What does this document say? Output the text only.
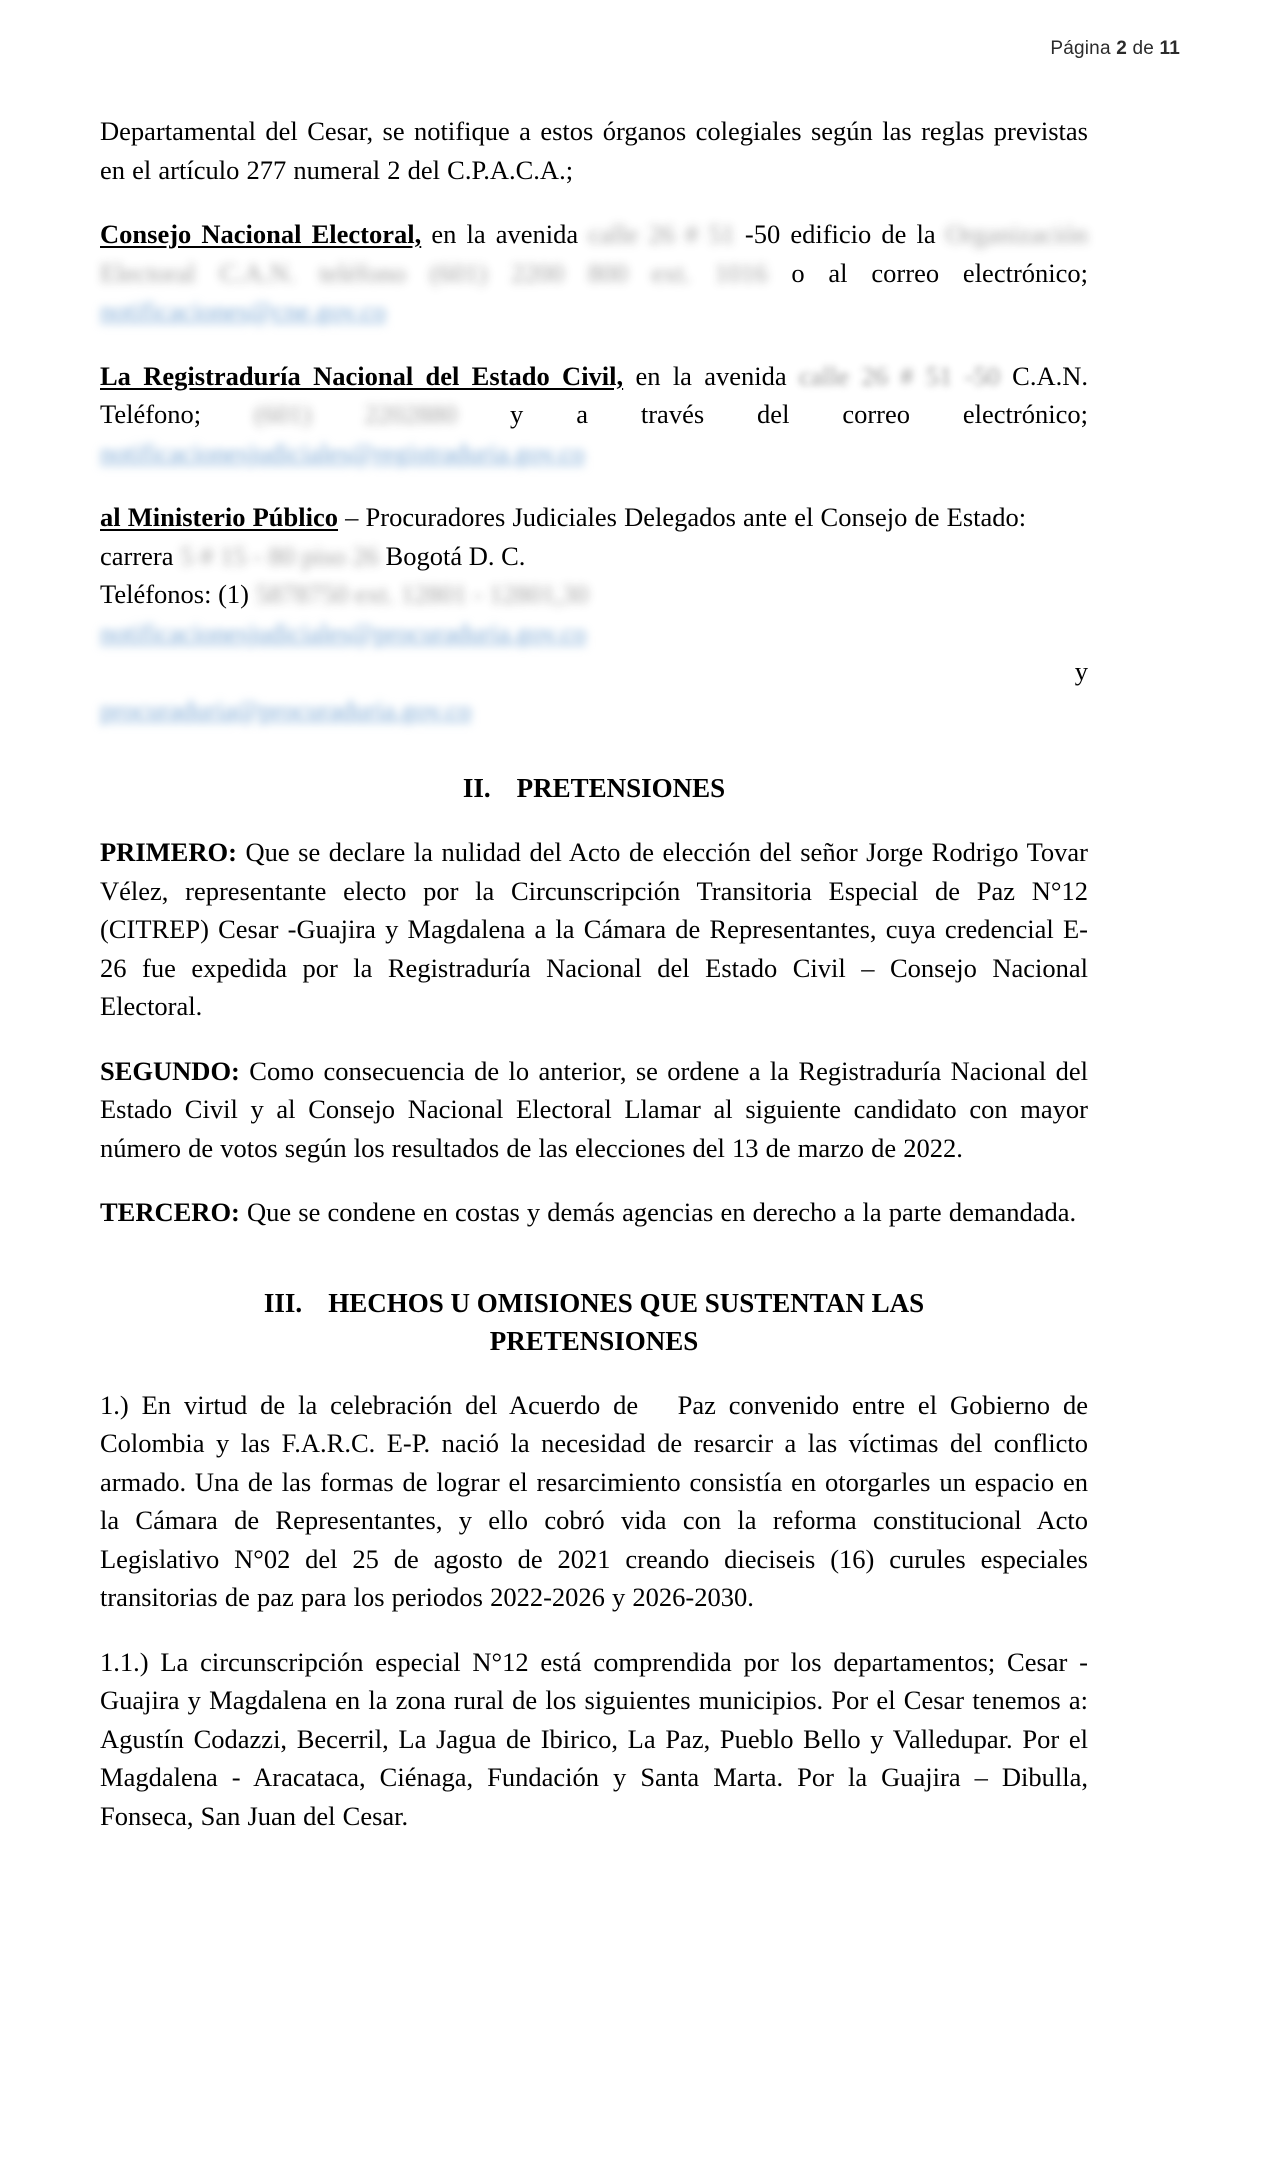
Página 2 de 11

Departamental del Cesar, se notifique a estos órganos colegiales según las reglas previstas en el artículo 277 numeral 2 del C.P.A.C.A.;

Consejo Nacional Electoral, en la avenida calle 26 # 51 -50 edificio de la Organización Electoral C.A.N. teléfono (601) 2200 800 ext. 1016 o al correo electrónico; notificaciones@cne.gov.co

La Registraduría Nacional del Estado Civil, en la avenida calle 26 # 51 -50 C.A.N. Teléfono; (601) 2202880 y a través del correo electrónico; notificacionesjudiciales@registraduria.gov.co

al Ministerio Público – Procuradores Judiciales Delegados ante el Consejo de Estado:

carrera 5 # 15 - 80 piso 26 Bogotá D. C.

Teléfonos: (1) 5878750 ext. 12801 - 12801,30

notificacionesjudiciales@procuraduria.gov.co

y

procuraduria@procuraduria.gov.co

II. PRETENSIONES

PRIMERO: Que se declare la nulidad del Acto de elección del señor Jorge Rodrigo Tovar Vélez, representante electo por la Circunscripción Transitoria Especial de Paz N°12 (CITREP) Cesar -Guajira y Magdalena a la Cámara de Representantes, cuya credencial E-26 fue expedida por la Registraduría Nacional del Estado Civil – Consejo Nacional Electoral.

SEGUNDO: Como consecuencia de lo anterior, se ordene a la Registraduría Nacional del Estado Civil y al Consejo Nacional Electoral Llamar al siguiente candidato con mayor número de votos según los resultados de las elecciones del 13 de marzo de 2022.

TERCERO: Que se condene en costas y demás agencias en derecho a la parte demandada.

III. HECHOS U OMISIONES QUE SUSTENTAN LAS
PRETENSIONES

1.) En virtud de la celebración del Acuerdo de  Paz convenido entre el Gobierno de Colombia y las F.A.R.C. E-P. nació la necesidad de resarcir a las víctimas del conflicto armado. Una de las formas de lograr el resarcimiento consistía en otorgarles un espacio en la Cámara de Representantes, y ello cobró vida con la reforma constitucional Acto Legislativo N°02 del 25 de agosto de 2021 creando dieciseis (16) curules especiales transitorias de paz para los periodos 2022-2026 y 2026-2030.

1.1.) La circunscripción especial N°12 está comprendida por los departamentos; Cesar -Guajira y Magdalena en la zona rural de los siguientes municipios. Por el Cesar tenemos a: Agustín Codazzi, Becerril, La Jagua de Ibirico, La Paz, Pueblo Bello y Valledupar. Por el Magdalena - Aracataca, Ciénaga, Fundación y Santa Marta. Por la Guajira – Dibulla, Fonseca, San Juan del Cesar.
